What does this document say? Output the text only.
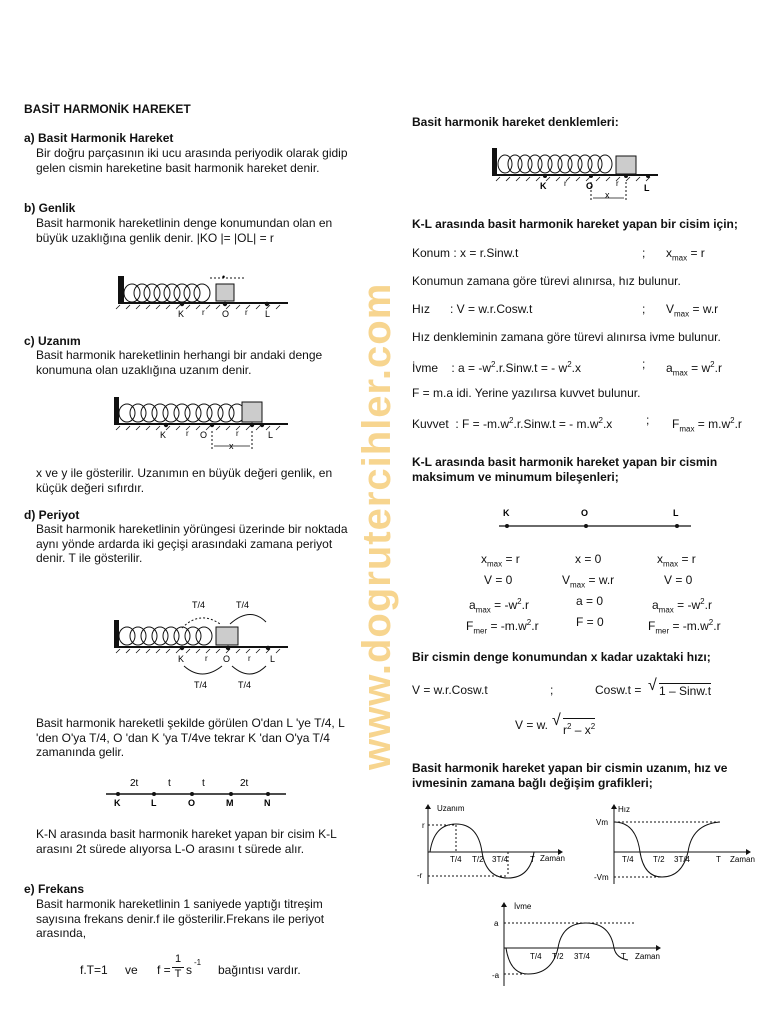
www.dogrutercihler.com
BASİT HARMONİK HAREKET
a) Basit Harmonik Hareket
Bir doğru parçasının iki ucu arasında periyodik olarak gidip gelen cismin hareketine basit harmonik hareket denir.
b) Genlik
Basit harmonik hareketlinin denge konumundan olan en büyük uzaklığına genlik denir. |KO |= |OL| = r
•
K r O r L
c) Uzanım
Basit harmonik hareketlinin herhangi bir andaki denge konumuna olan uzaklığına uzanım denir.
K r O	r	L
x
x ve y ile gösterilir. Uzanımın en büyük değeri genlik, en küçük değeri sıfırdır.
d) Periyot
Basit harmonik hareketlinin yörüngesi üzerinde bir noktada aynı yönde ardarda iki geçişi arasındaki zamana periyot denir. T ile gösterilir.
T/4	T/4
K	O
r	r L
T/4	T/4
Basit harmonik hareketli şekilde görülen O'dan L 'ye T/4, L 'den O'ya T/4, O 'dan K 'ya T/4ve tekrar K 'dan O'ya T/4 zamanında gelir.
2t	t	t	2t
K	L	O	M	N
K-N arasında basit harmonik hareket yapan bir cisim K-L arasını 2t sürede alıyorsa L-O arasını t sürede alır.
e) Frekans
Basit harmonik hareketlinin 1 saniyede yaptığı titreşim sayısına frekans denir.f ile gösterilir.Frekans ile periyot arasında,
f.T=1 ve f =
1
T s
-1
bağıntısı vardır.
Basit harmonik hareket denklemleri:
K r O	r	L
x
K-L arasında basit harmonik hareket yapan bir cisim için;
Konum : x = r.Sinw.t	; $x_{max} = r$
Konumun zamana göre türevi alınırsa, hız bulunur.
Hız      : V = w.r.Cosw.t	; $V_{max} = w.r$
Hız denkleminin zamana göre türevi alınırsa ivme bulunur.
İvme    : $a = -w^2.r.Sinw.t$ = - $w^2.x$	; $a_{max} = w^2.r$
F = m.a idi. Yerine yazılırsa kuvvet bulunur.
Kuvvet  : $F = -m.w^2.r.Sinw.t$ = - $m.w^2.x$	; $F_{max} = m.w^2.r$
K-L arasında basit harmonik hareket yapan bir cismin maksimum ve minumum bileşenleri;
K	O	L
$x_{max} = r$	x = 0	$x_{max} = r$
V = 0	$V_{max} = w.r$	V = 0
$a_{max} = -w^2.r$	a = 0	$a_{max} = -w^2.r$
$F_{mer} = -m.w^2.r$	F = 0	$F_{mer} = -m.w^2.r$
Bir cismin denge konumundan x kadar uzaktaki hızı;
V = w.r.Cosw.t	;	Cosw.t = √ 1 – Sinw.t
V = w. √
$r^2 - x^2$
Basit harmonik hareket yapan bir cismin uzanım, hız ve ivmesinin zamana bağlı değişim grafikleri;
Uzanım
r
-r
T/4 T/2 3T/4	T Zaman
Hız
Vm
-Vm
T/4 T/2 3T/4	T Zaman
İvme
a
-a
T/4 T/2 3T/4	T Zaman
